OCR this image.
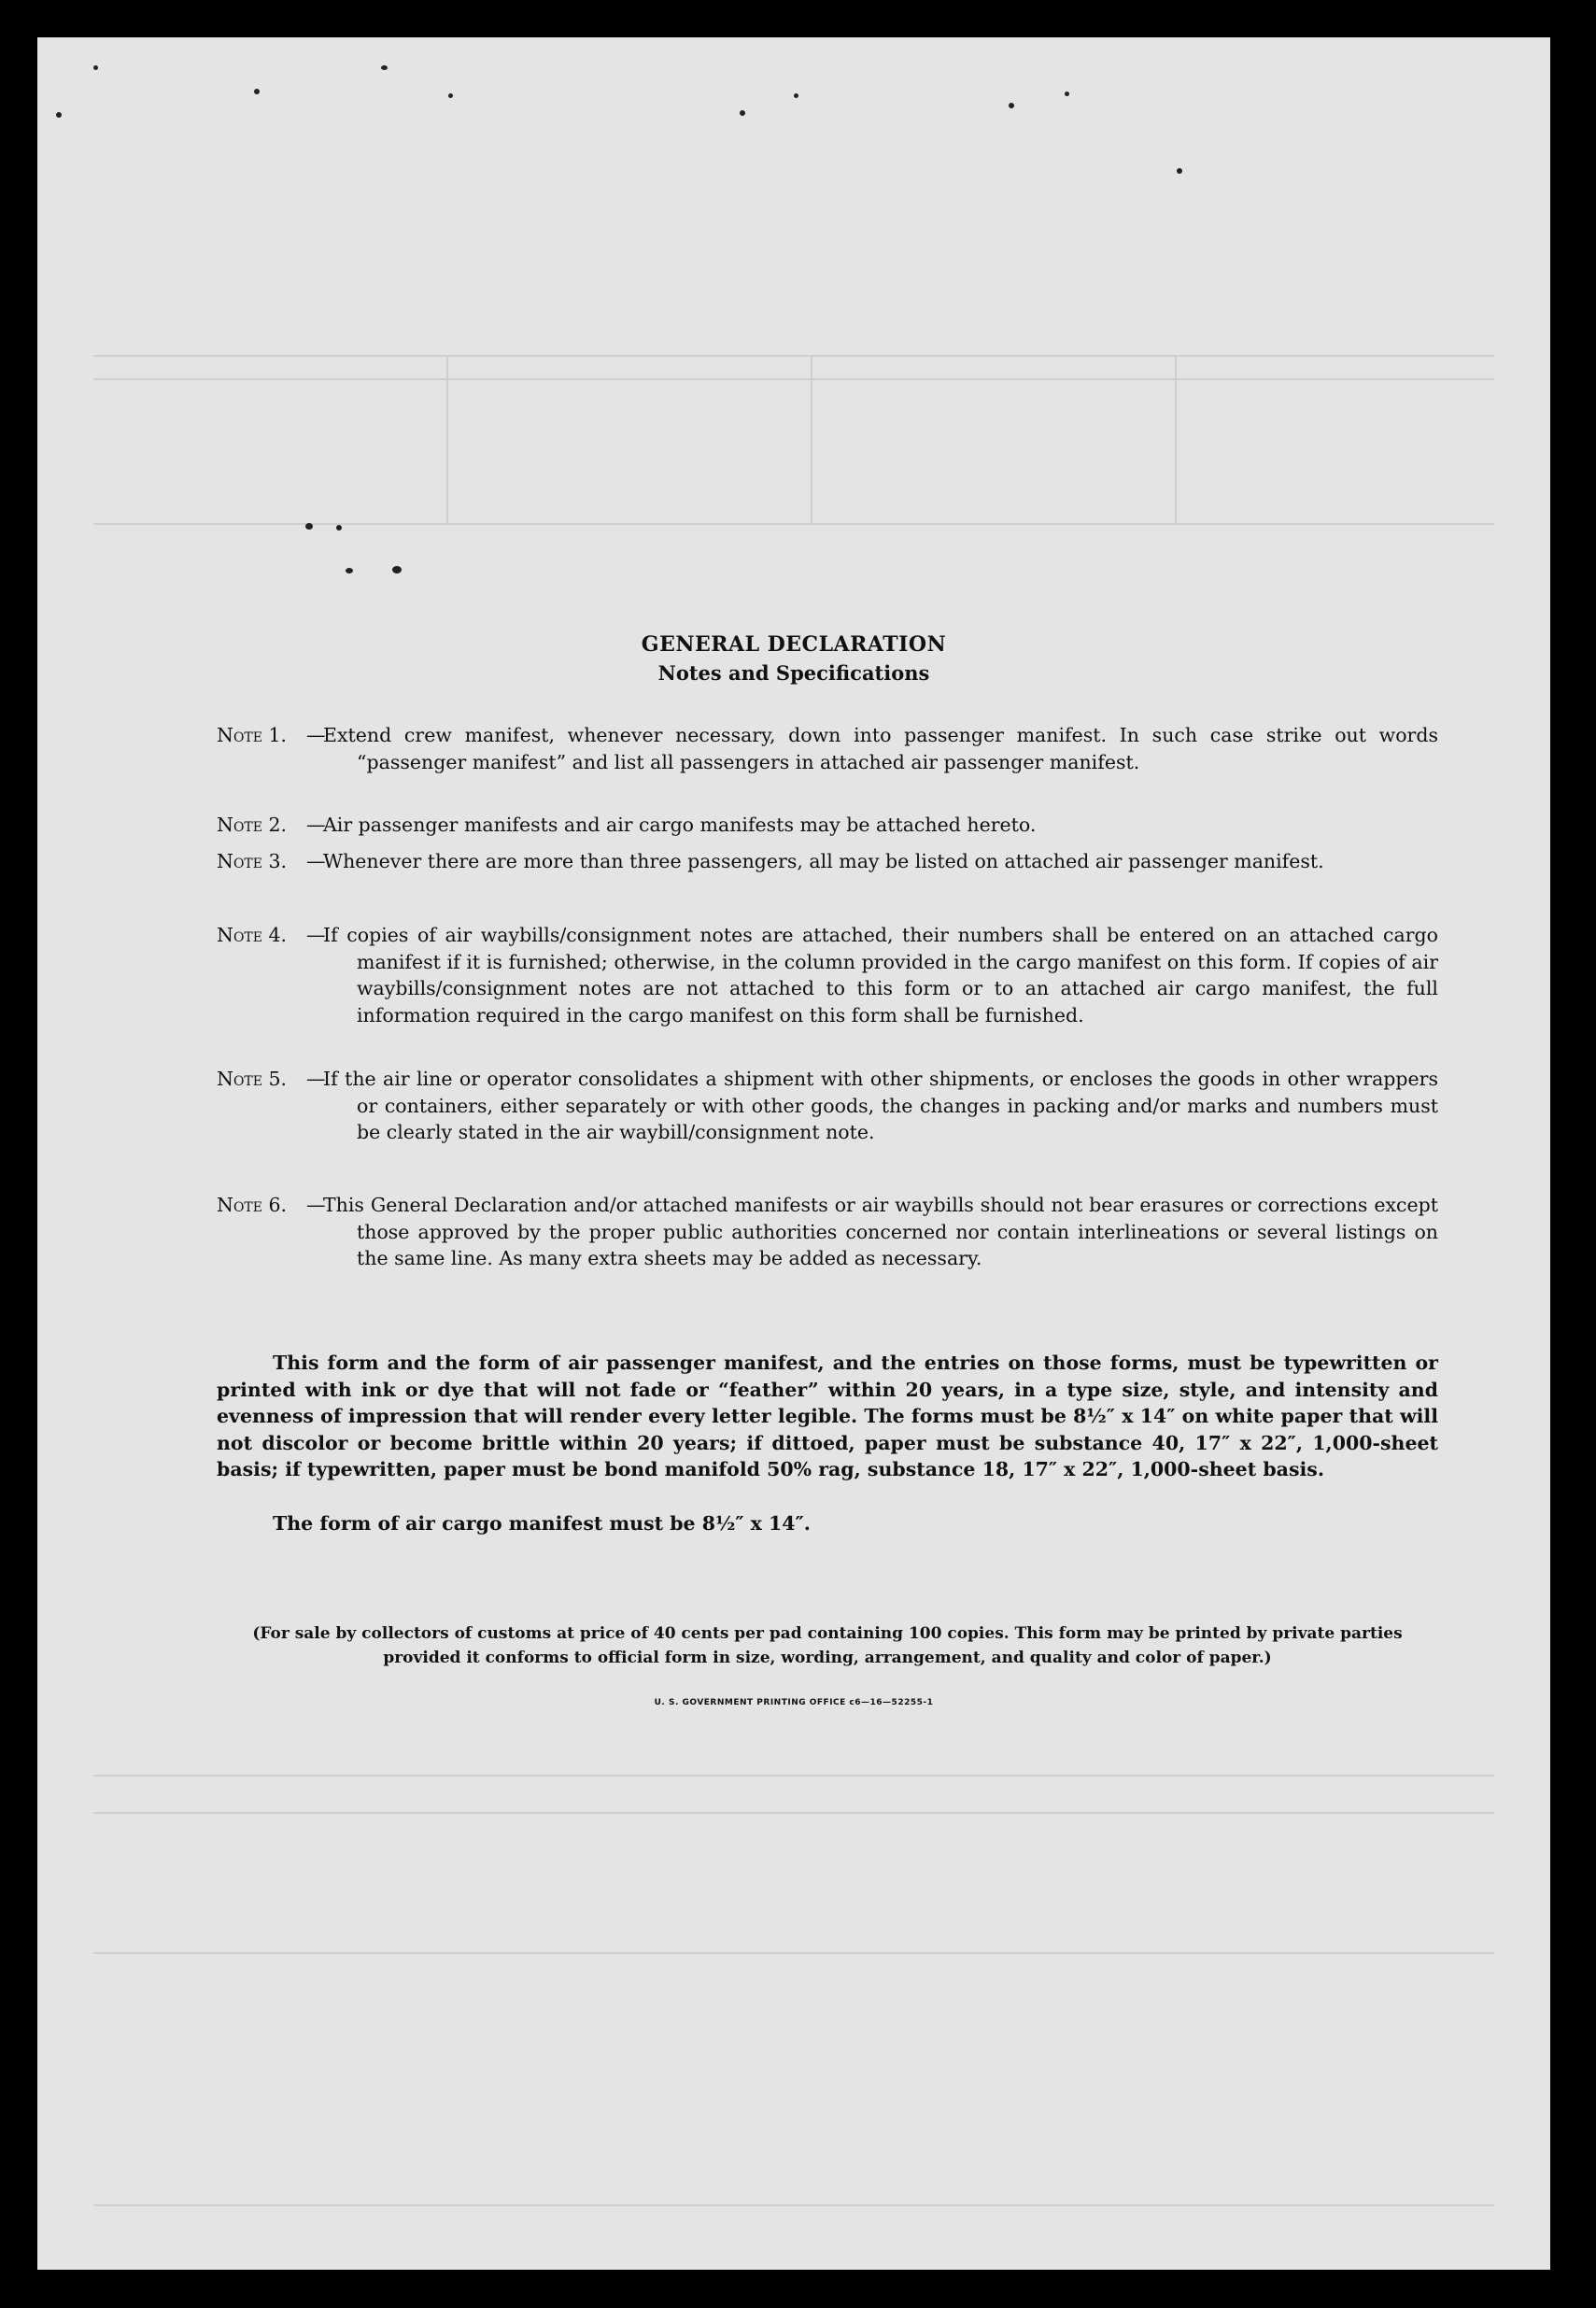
GENERAL DECLARATION
Notes and Specifications
Note 1.	— Extend crew manifest, whenever necessary, down into passenger manifest. In such case strike out words “passenger manifest” and list all passengers in attached air passenger manifest.
Note 2.	— Air passenger manifests and air cargo manifests may be attached hereto.
Note 3.	— Whenever there are more than three passengers, all may be listed on attached air passenger manifest.
Note 4.	— If copies of air waybills/consignment notes are attached, their numbers shall be entered on an attached cargo manifest if it is furnished; otherwise, in the column provided in the cargo manifest on this form. If copies of air waybills/consignment notes are not attached to this form or to an attached air cargo manifest, the full information required in the cargo manifest on this form shall be furnished.
Note 5.	— If the air line or operator consolidates a shipment with other shipments, or encloses the goods in other wrappers or containers, either separately or with other goods, the changes in packing and/or marks and numbers must be clearly stated in the air waybill/consignment note.
Note 6.	— This General Declaration and/or attached manifests or air waybills should not bear erasures or corrections except those approved by the proper public authorities concerned nor contain interlineations or several listings on the same line. As many extra sheets may be added as necessary.
This form and the form of air passenger manifest, and the entries on those forms, must be typewritten or printed with ink or dye that will not fade or “feather” within 20 years, in a type size, style, and intensity and evenness of impression that will render every letter legible. The forms must be 8½″ x 14″ on white paper that will not discolor or become brittle within 20 years; if dittoed, paper must be substance 40, 17″ x 22″, 1,000-sheet basis; if typewritten, paper must be bond manifold 50% rag, substance 18, 17″ x 22″, 1,000-sheet basis.
The form of air cargo manifest must be 8½″ x 14″.
(For sale by collectors of customs at price of 40 cents per pad containing 100 copies. This form may be printed by private parties provided it conforms to official form in size, wording, arrangement, and quality and color of paper.)
U. S. GOVERNMENT PRINTING OFFICE c6—16—52255-1
